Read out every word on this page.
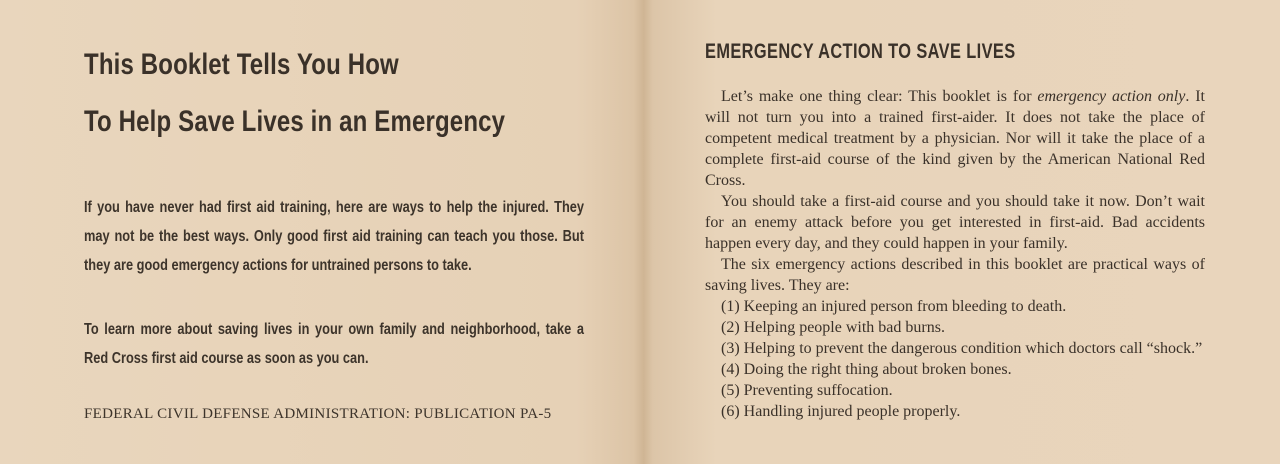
This Booklet Tells You How
To Help Save Lives in an Emergency

If you have never had first aid training, here are ways to help the injured. They may not be the best ways. Only good first aid training can teach you those. But they are good emergency actions for untrained persons to take.

To learn more about saving lives in your own family and neighborhood, take a Red Cross first aid course as soon as you can.

FEDERAL CIVIL DEFENSE ADMINISTRATION: PUBLICATION PA-5

EMERGENCY ACTION TO SAVE LIVES

Let’s make one thing clear: This booklet is for emergency action only. It will not turn you into a trained first-aider. It does not take the place of competent medical treatment by a physician. Nor will it take the place of a complete first-aid course of the kind given by the American National Red Cross.

You should take a first-aid course and you should take it now. Don’t wait for an enemy attack before you get interested in first-aid. Bad accidents happen every day, and they could happen in your family.

The six emergency actions described in this booklet are practical ways of saving lives. They are:

(1) Keeping an injured person from bleeding to death.

(2) Helping people with bad burns.

(3) Helping to prevent the dangerous condition which doctors call “shock.”

(4) Doing the right thing about broken bones.

(5) Preventing suffocation.

(6) Handling injured people properly.
